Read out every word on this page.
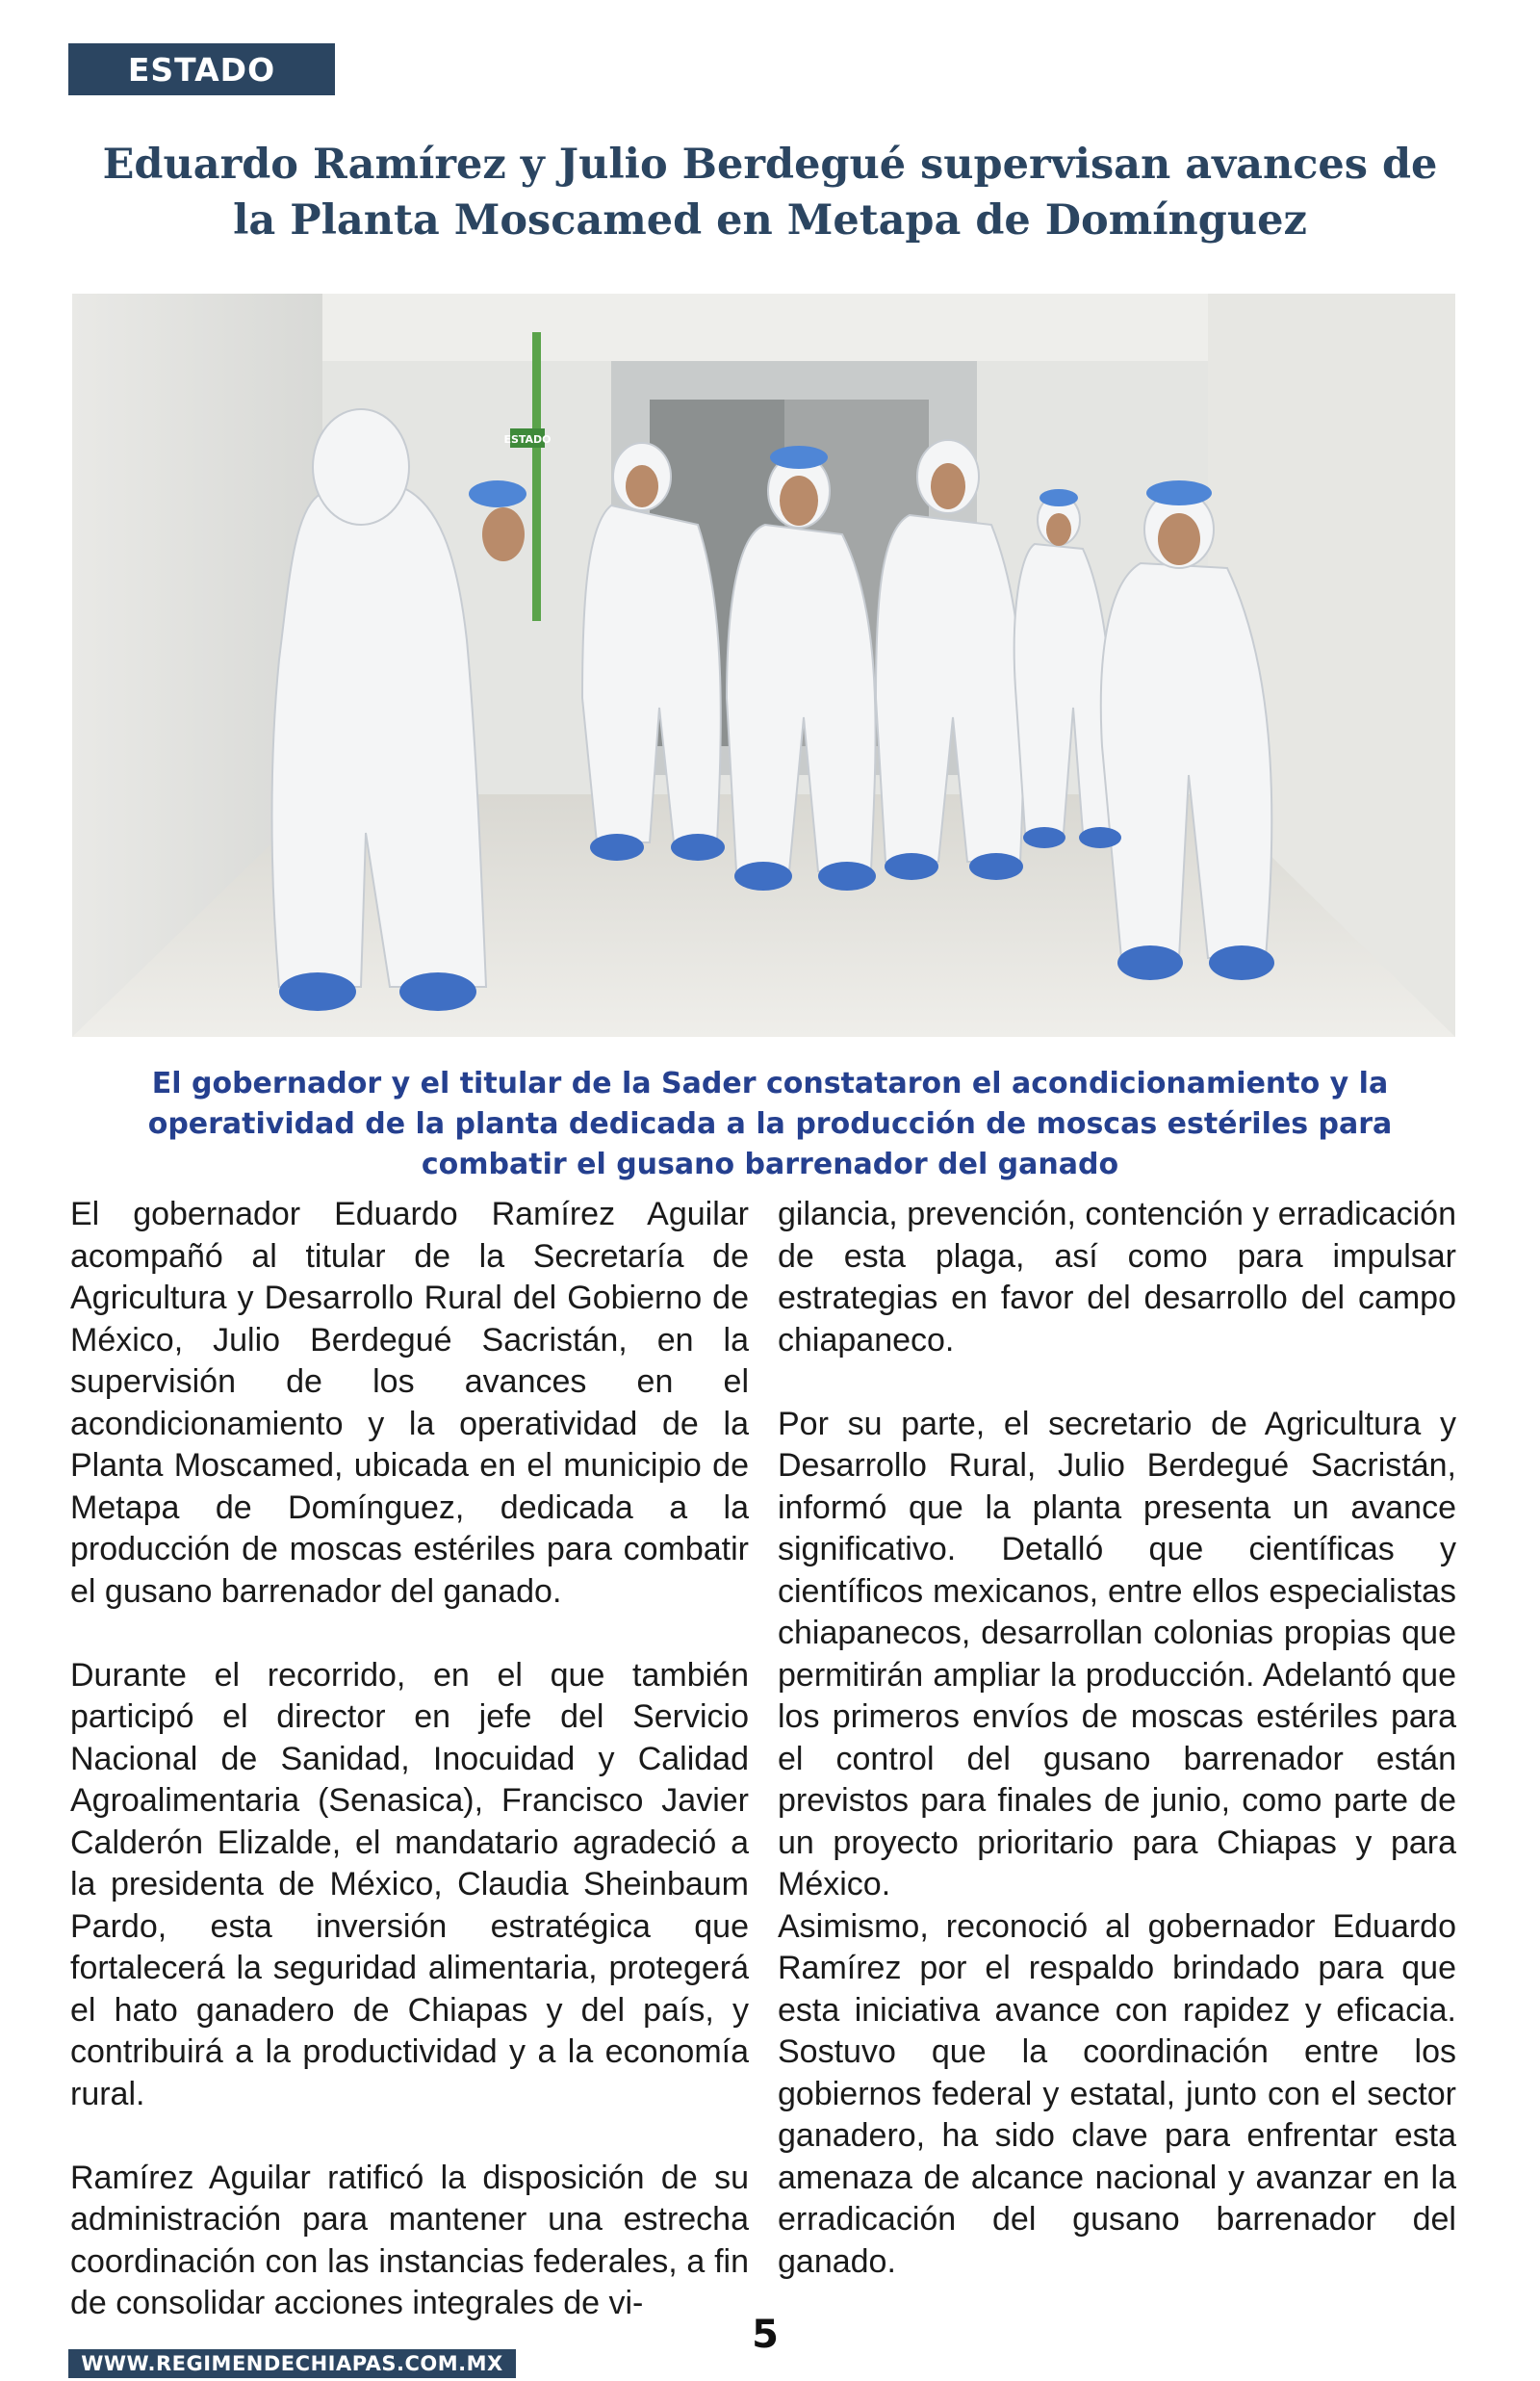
ESTADO
Eduardo Ramírez y Julio Berdegué supervisan avances de la Planta Moscamed en Metapa de Domínguez
ESTADO

El gobernador y el titular de la Sader constataron el acondicionamiento y la operatividad de la planta dedicada a la producción de moscas estériles para combatir el gusano barrenador del ganado

El gobernador Eduardo Ramírez Aguilar acompañó al titular de la Secretaría de Agricultura y Desarrollo Rural del Gobierno de México, Julio Berdegué Sacristán, en la supervisión de los avances en el acondicionamiento y la operatividad de la Planta Moscamed, ubicada en el municipio de Metapa de Domínguez, dedicada a la producción de moscas estériles para combatir el gusano barrenador del ganado.

Durante el recorrido, en el que también participó el director en jefe del Servicio Nacional de Sanidad, Inocuidad y Calidad Agroalimentaria (Senasica), Francisco Javier Calderón Elizalde, el mandatario agradeció a la presidenta de México, Claudia Sheinbaum Pardo, esta inversión estratégica que fortalecerá la seguridad alimentaria, protegerá el hato ganadero de Chiapas y del país, y contribuirá a la productividad y a la economía rural.

Ramírez Aguilar ratificó la disposición de su administración para mantener una estrecha coordinación con las instancias federales, a fin de consolidar acciones integrales de vi-

gilancia, prevención, contención y erradicación de esta plaga, así como para impulsar estrategias en favor del desarrollo del campo chiapaneco.

Por su parte, el secretario de Agricultura y Desarrollo Rural, Julio Berdegué Sacristán, informó que la planta presenta un avance significativo. Detalló que científicas y científicos mexicanos, entre ellos especialistas chiapanecos, desarrollan colonias propias que permitirán ampliar la producción. Adelantó que los primeros envíos de moscas estériles para el control del gusano barrenador están previstos para finales de junio, como parte de un proyecto prioritario para Chiapas y para México.

Asimismo, reconoció al gobernador Eduardo Ramírez por el respaldo brindado para que esta iniciativa avance con rapidez y eficacia. Sostuvo que la coordinación entre los gobiernos federal y estatal, junto con el sector ganadero, ha sido clave para enfrentar esta amenaza de alcance nacional y avanzar en la erradicación del gusano barrenador del ganado.

5
WWW.REGIMENDECHIAPAS.COM.MX
